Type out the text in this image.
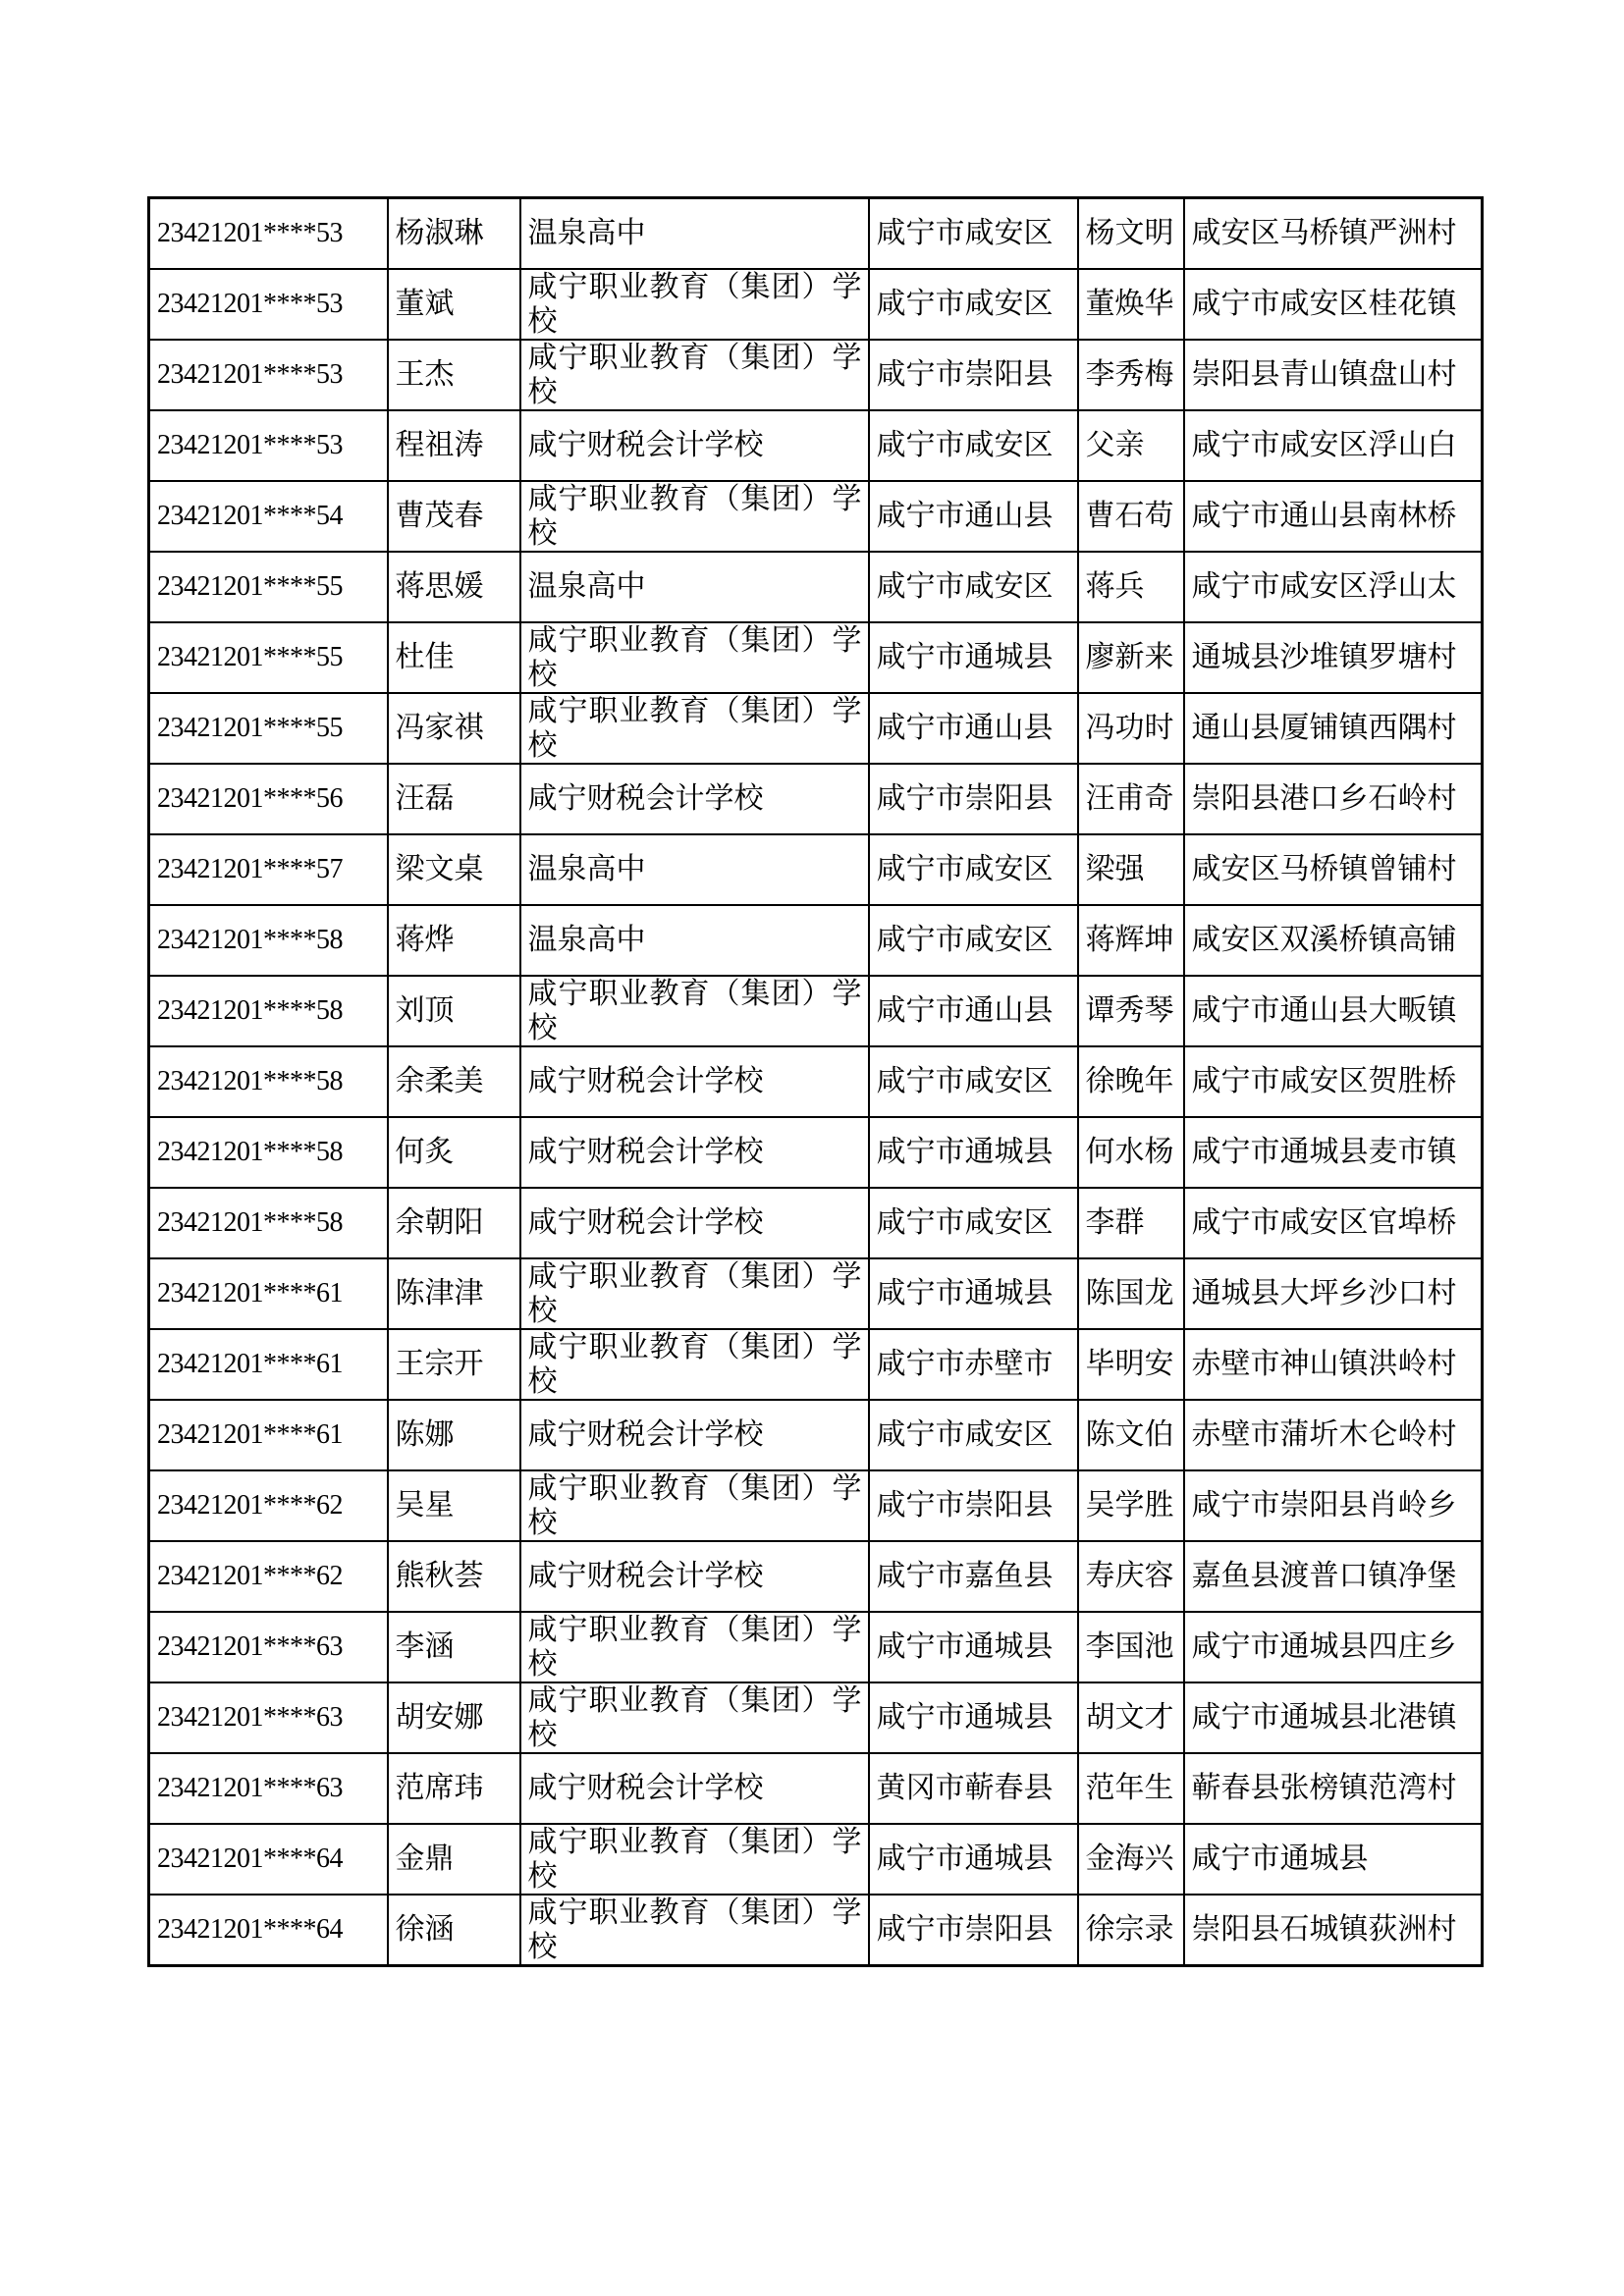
23421201****53	杨淑琳	温泉高中	咸宁市咸安区	杨文明	咸安区马桥镇严洲村
23421201****53	董斌	咸宁职业教育（集团）学校	咸宁市咸安区	董焕华	咸宁市咸安区桂花镇
23421201****53	王杰	咸宁职业教育（集团）学校	咸宁市崇阳县	李秀梅	崇阳县青山镇盘山村
23421201****53	程祖涛	咸宁财税会计学校	咸宁市咸安区	父亲	咸宁市咸安区浮山白
23421201****54	曹茂春	咸宁职业教育（集团）学校	咸宁市通山县	曹石苟	咸宁市通山县南林桥
23421201****55	蒋思媛	温泉高中	咸宁市咸安区	蒋兵	咸宁市咸安区浮山太
23421201****55	杜佳	咸宁职业教育（集团）学校	咸宁市通城县	廖新来	通城县沙堆镇罗塘村
23421201****55	冯家祺	咸宁职业教育（集团）学校	咸宁市通山县	冯功时	通山县厦铺镇西隅村
23421201****56	汪磊	咸宁财税会计学校	咸宁市崇阳县	汪甫奇	崇阳县港口乡石岭村
23421201****57	梁文桌	温泉高中	咸宁市咸安区	梁强	咸安区马桥镇曾铺村
23421201****58	蒋烨	温泉高中	咸宁市咸安区	蒋辉坤	咸安区双溪桥镇高铺
23421201****58	刘顶	咸宁职业教育（集团）学校	咸宁市通山县	谭秀琴	咸宁市通山县大畈镇
23421201****58	余柔美	咸宁财税会计学校	咸宁市咸安区	徐晚年	咸宁市咸安区贺胜桥
23421201****58	何炙	咸宁财税会计学校	咸宁市通城县	何水杨	咸宁市通城县麦市镇
23421201****58	余朝阳	咸宁财税会计学校	咸宁市咸安区	李群	咸宁市咸安区官埠桥
23421201****61	陈津津	咸宁职业教育（集团）学校	咸宁市通城县	陈国龙	通城县大坪乡沙口村
23421201****61	王宗开	咸宁职业教育（集团）学校	咸宁市赤壁市	毕明安	赤壁市神山镇洪岭村
23421201****61	陈娜	咸宁财税会计学校	咸宁市咸安区	陈文伯	赤壁市蒲圻木仑岭村
23421201****62	吴星	咸宁职业教育（集团）学校	咸宁市崇阳县	吴学胜	咸宁市崇阳县肖岭乡
23421201****62	熊秋荟	咸宁财税会计学校	咸宁市嘉鱼县	寿庆容	嘉鱼县渡普口镇净堡
23421201****63	李涵	咸宁职业教育（集团）学校	咸宁市通城县	李国池	咸宁市通城县四庄乡
23421201****63	胡安娜	咸宁职业教育（集团）学校	咸宁市通城县	胡文才	咸宁市通城县北港镇
23421201****63	范席玮	咸宁财税会计学校	黄冈市蕲春县	范年生	蕲春县张榜镇范湾村
23421201****64	金鼎	咸宁职业教育（集团）学校	咸宁市通城县	金海兴	咸宁市通城县
23421201****64	徐涵	咸宁职业教育（集团）学校	咸宁市崇阳县	徐宗录	崇阳县石城镇荻洲村
